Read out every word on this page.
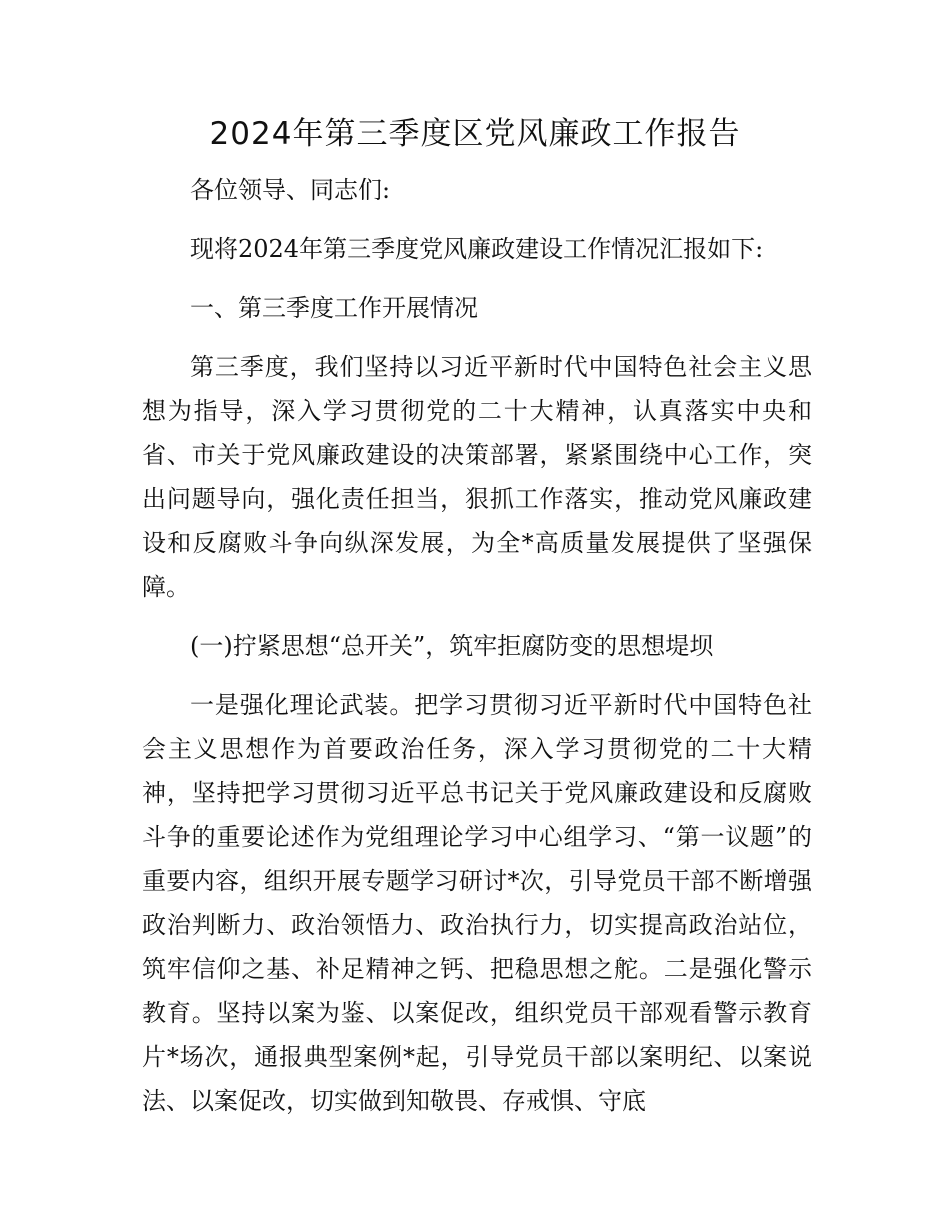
2024年第三季度区党风廉政工作报告

各位领导、同志们:

现将2024年第三季度党风廉政建设工作情况汇报如下:

一、第三季度工作开展情况

第三季度，我们坚持以习近平新时代中国特色社会主义思想为指导，深入学习贯彻党的二十大精神，认真落实中央和省、市关于党风廉政建设的决策部署，紧紧围绕中心工作，突出问题导向，强化责任担当，狠抓工作落实，推动党风廉政建设和反腐败斗争向纵深发展，为全*高质量发展提供了坚强保障。

(一)拧紧思想“总开关”，筑牢拒腐防变的思想堤坝

一是强化理论武装。把学习贯彻习近平新时代中国特色社会主义思想作为首要政治任务，深入学习贯彻党的二十大精神，坚持把学习贯彻习近平总书记关于党风廉政建设和反腐败斗争的重要论述作为党组理论学习中心组学习、“第一议题”的重要内容，组织开展专题学习研讨*次，引导党员干部不断增强政治判断力、政治领悟力、政治执行力，切实提高政治站位，筑牢信仰之基、补足精神之钙、把稳思想之舵。二是强化警示教育。坚持以案为鉴、以案促改，组织党员干部观看警示教育片*场次，通报典型案例*起，引导党员干部以案明纪、以案说法、以案促改，切实做到知敬畏、存戒惧、守底
